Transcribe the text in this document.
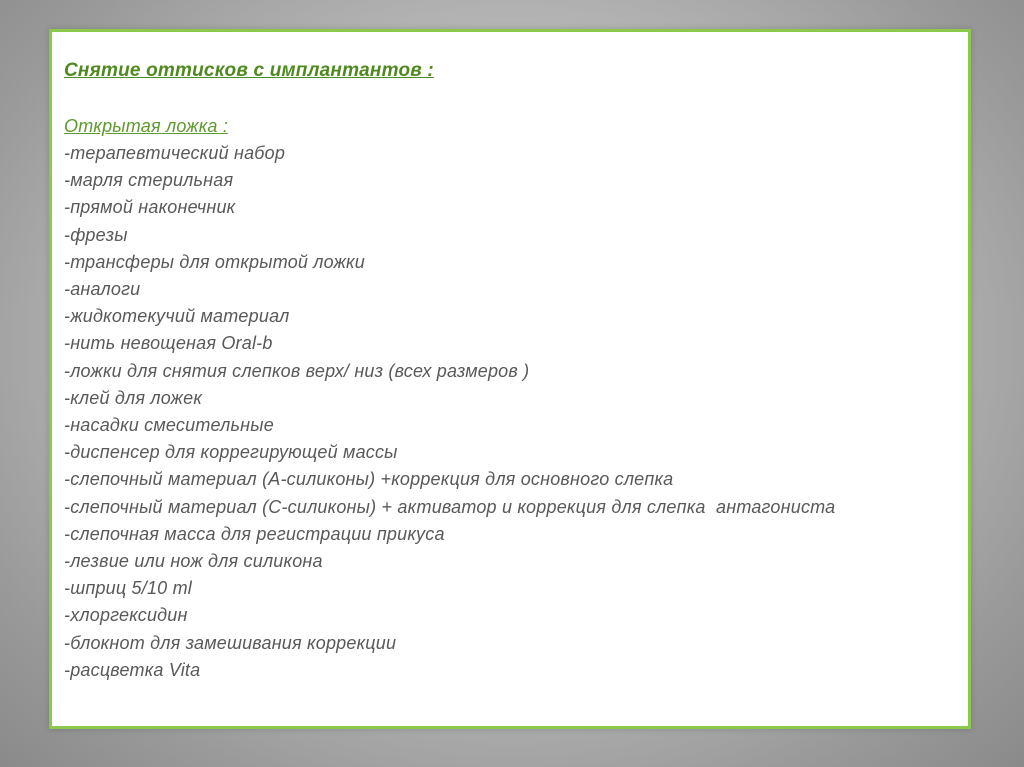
Снятие оттисков с имплантантов :

Открытая ложка :

-терапевтический набор
-марля стерильная
-прямой наконечник
-фрезы
-трансферы для открытой ложки
-аналоги
-жидкотекучий материал
-нить невощеная Oral-b
-ложки для снятия слепков верх/ низ (всех размеров )
-клей для ложек
-насадки смесительные
-диспенсер для коррегирующей массы
-слепочный материал (А-силиконы) +коррекция для основного слепка
-слепочный материал (С-силиконы) + активатор и коррекция для слепка  антагониста
-слепочная масса для регистрации прикуса
-лезвие или нож для силикона
-шприц 5/10 ml
-хлоргексидин
-блокнот для замешивания коррекции
-расцветка Vita
